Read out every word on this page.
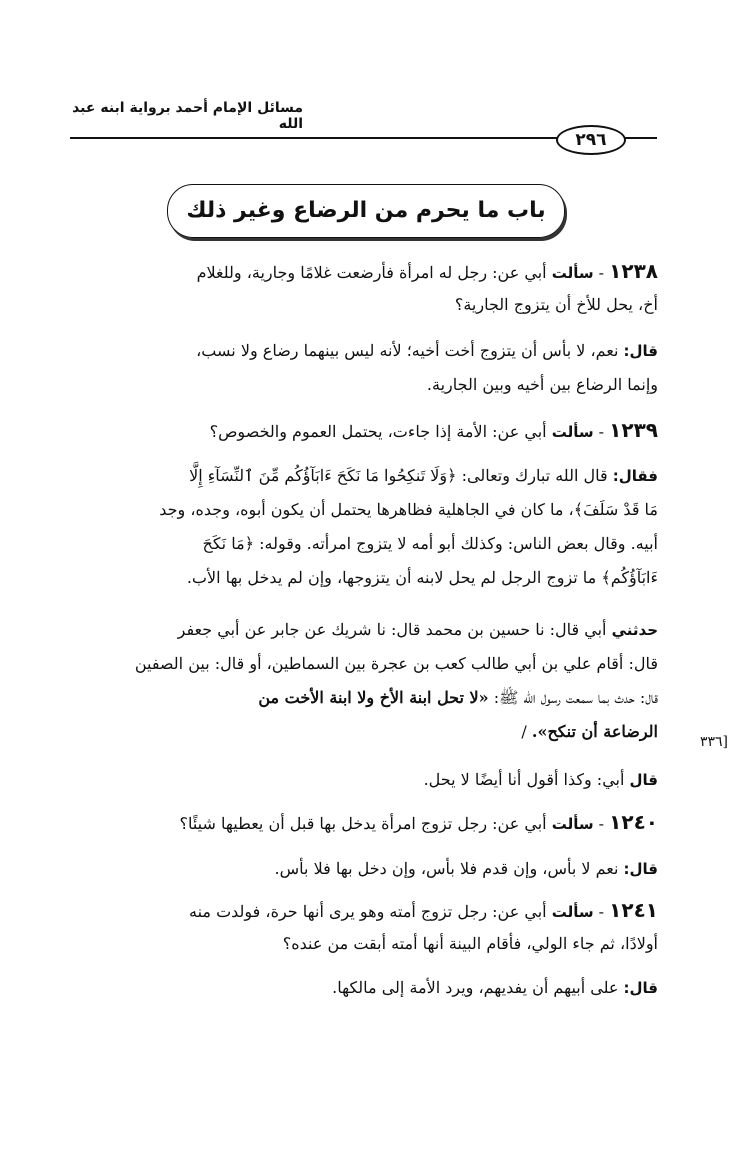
مسائل الإمام أحمد برواية ابنه عبد الله
٢٩٦
باب ما يحرم من الرضاع وغير ذلك
١٢٣٨ - سألت أبي عن: رجل له امرأة فأرضعت غلامًا وجارية، وللغلام
أخ، يحل للأخ أن يتزوج الجارية؟
قال: نعم، لا بأس أن يتزوج أخت أخيه؛ لأنه ليس بينهما رضاع ولا نسب،
وإنما الرضاع بين أخيه وبين الجارية.
١٢٣٩ - سألت أبي عن: الأمة إذا جاءت، يحتمل العموم والخصوص؟
فقال: قال الله تبارك وتعالى: ﴿وَلَا تَنكِحُوا مَا نَكَحَ ءَابَآؤُكُم مِّنَ ٱلنِّسَآءِ إِلَّا
مَا قَدْ سَلَفَ﴾، ما كان في الجاهلية فظاهرها يحتمل أن يكون أبوه، وجده، وجد
أبيه. وقال بعض الناس: وكذلك أبو أمه لا يتزوج امرأته. وقوله: ﴿مَا نَكَحَ
ءَابَآؤُكُم﴾ ما تزوج الرجل لم يحل لابنه أن يتزوجها، وإن لم يدخل بها الأب.
حدثني أبي قال: نا حسين بن محمد قال: نا شريك عن جابر عن أبي جعفر
قال: أقام علي بن أبي طالب كعب بن عجرة بين السماطين، أو قال: بين الصفين
قال: حدث بما سمعت رسول الله ﷺ: «لا تحل ابنة الأخ ولا ابنة الأخت من
الرضاعة أن تنكح». /
[٣٣٦
قال أبي: وكذا أقول أنا أيضًا لا يحل.
١٢٤٠ - سألت أبي عن: رجل تزوج امرأة يدخل بها قبل أن يعطيها شيئًا؟
قال: نعم لا بأس، وإن قدم فلا بأس، وإن دخل بها فلا بأس.
١٢٤١ - سألت أبي عن: رجل تزوج أمته وهو يرى أنها حرة، فولدت منه
أولادًا، ثم جاء الولي، فأقام البينة أنها أمته أبقت من عنده؟
قال: على أبيهم أن يفديهم، ويرد الأمة إلى مالكها.
